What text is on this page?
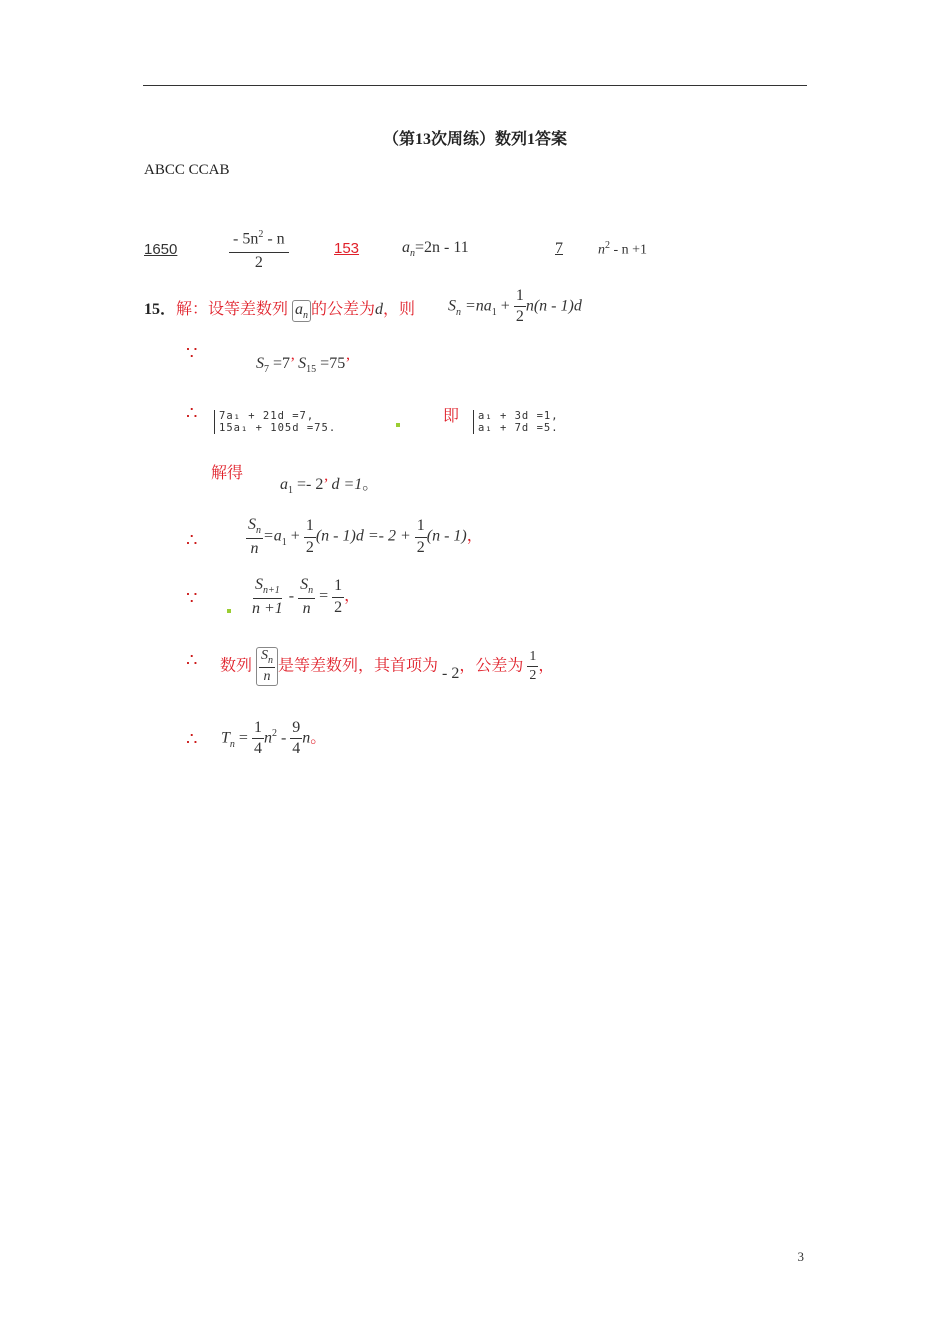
（第13次周练）数列1答案
ABCC CCAB
1650	$\frac{- 5n^2 - n}{2}$	153	$a_n=2n - 11$	7	$n^2 - n +1$
15．解：设等差数列 $a_n$ 的公差为d，则 $S_n =na_1 + \frac{1}{2} n(n - 1)d$
∵
$S_7 =7$’ $S_{15} =75$’
∴ 7a₁ + 21d =7,
15a₁ + 105d =75.
即 a₁ + 3d =1,
a₁ + 7d =5.
解得
$a_1 =- 2$’ d =1。
∴	$\frac{S_n}{n} =a_1 + \frac{1}{2} (n - 1)d =- 2 + \frac{1}{2} (n - 1)$，
∵	$\frac{S_{n+1}}{n +1} - \frac{S_n}{n} = \frac{1}{2}$ ，
∴ 数列 $\frac{S_n}{n}$ 是等差数列，其首项为 - 2，公差为 $\frac{1}{2}$ ，
∴ $T_n = \frac{1}{4} n^2 - \frac{9}{4}$ n。
3
